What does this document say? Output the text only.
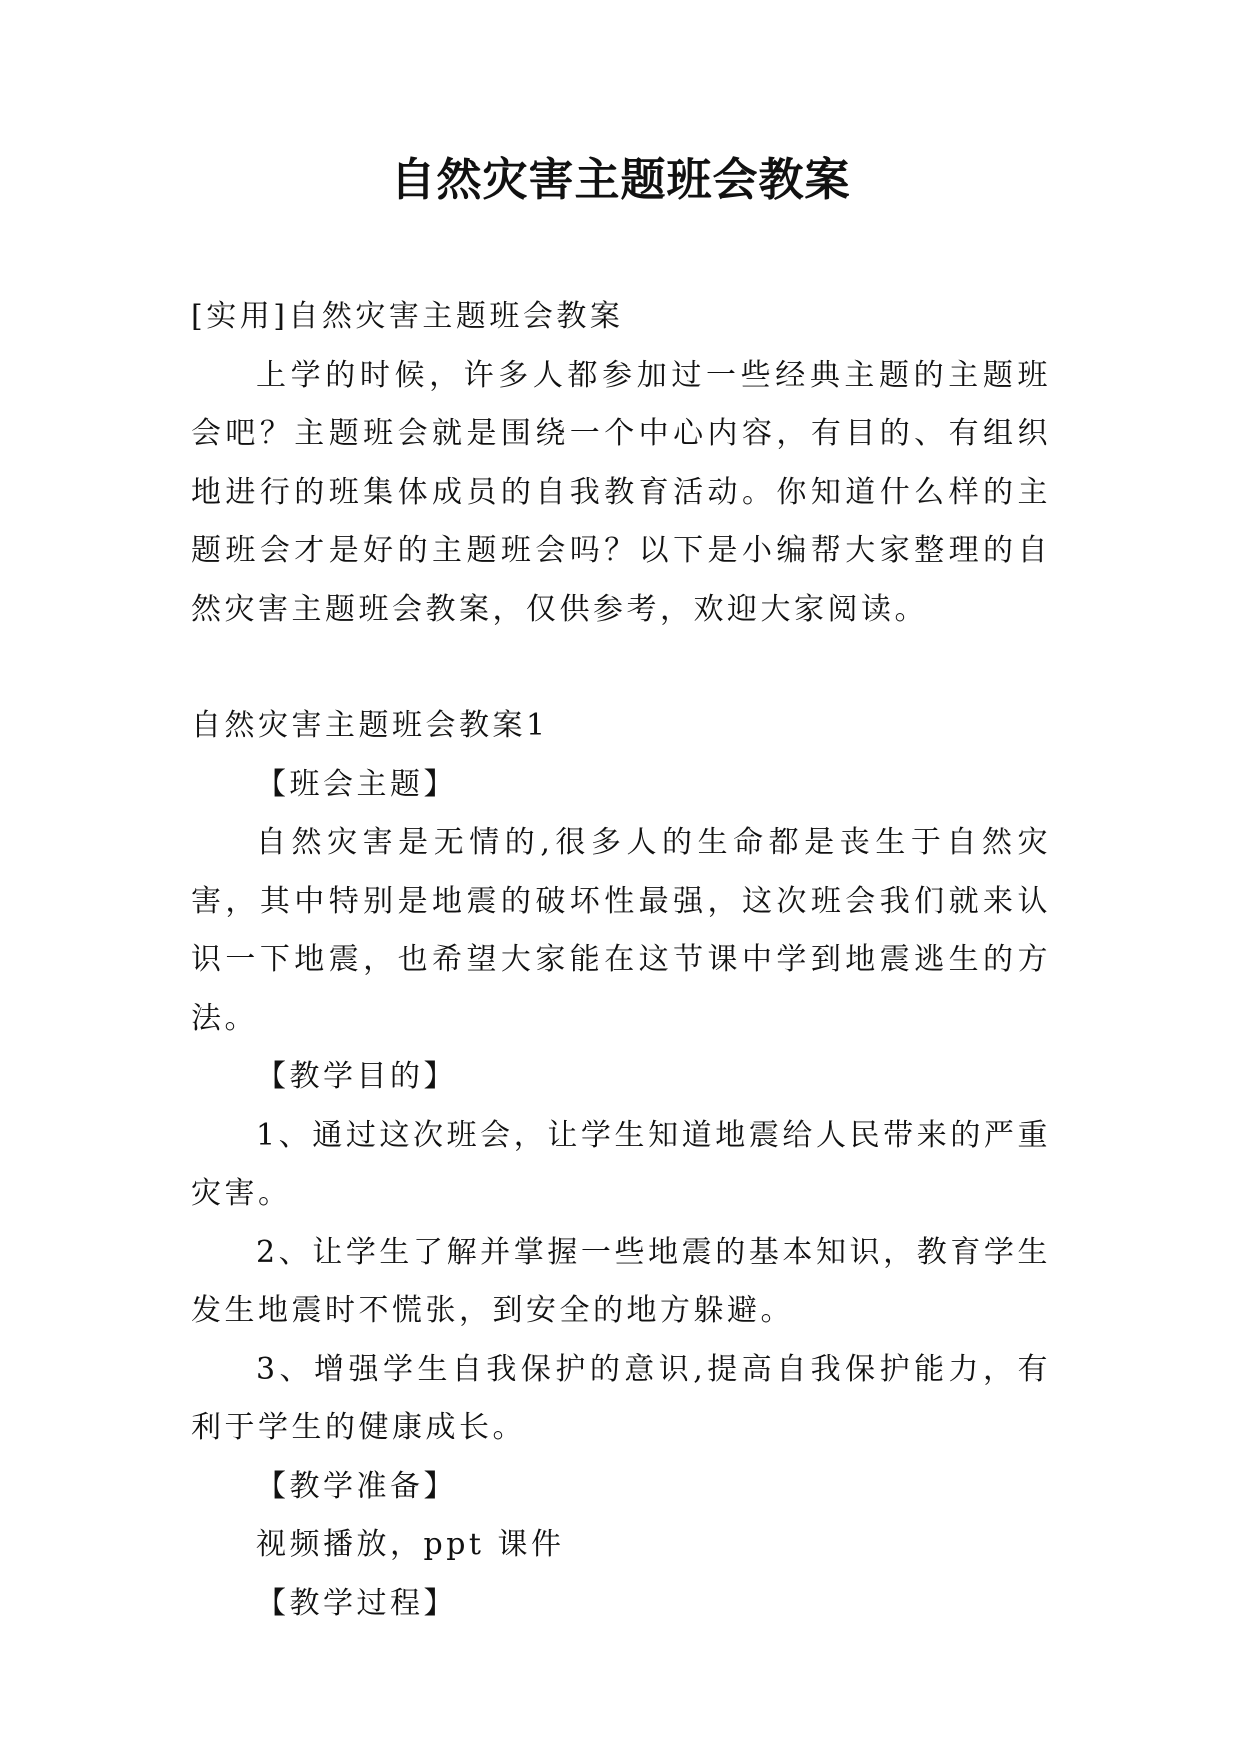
自然灾害主题班会教案

[实用]自然灾害主题班会教案

上学的时候，许多人都参加过一些经典主题的主题班会吧？主题班会就是围绕一个中心内容，有目的、有组织地进行的班集体成员的自我教育活动。你知道什么样的主题班会才是好的主题班会吗？以下是小编帮大家整理的自然灾害主题班会教案，仅供参考，欢迎大家阅读。

自然灾害主题班会教案1

【班会主题】

自然灾害是无情的,很多人的生命都是丧生于自然灾害，其中特别是地震的破坏性最强，这次班会我们就来认识一下地震，也希望大家能在这节课中学到地震逃生的方法。

【教学目的】

1、通过这次班会，让学生知道地震给人民带来的严重灾害。

2、让学生了解并掌握一些地震的基本知识，教育学生发生地震时不慌张，到安全的地方躲避。

3、增强学生自我保护的意识,提高自我保护能力，有利于学生的健康成长。

【教学准备】

视频播放，ppt 课件

【教学过程】
